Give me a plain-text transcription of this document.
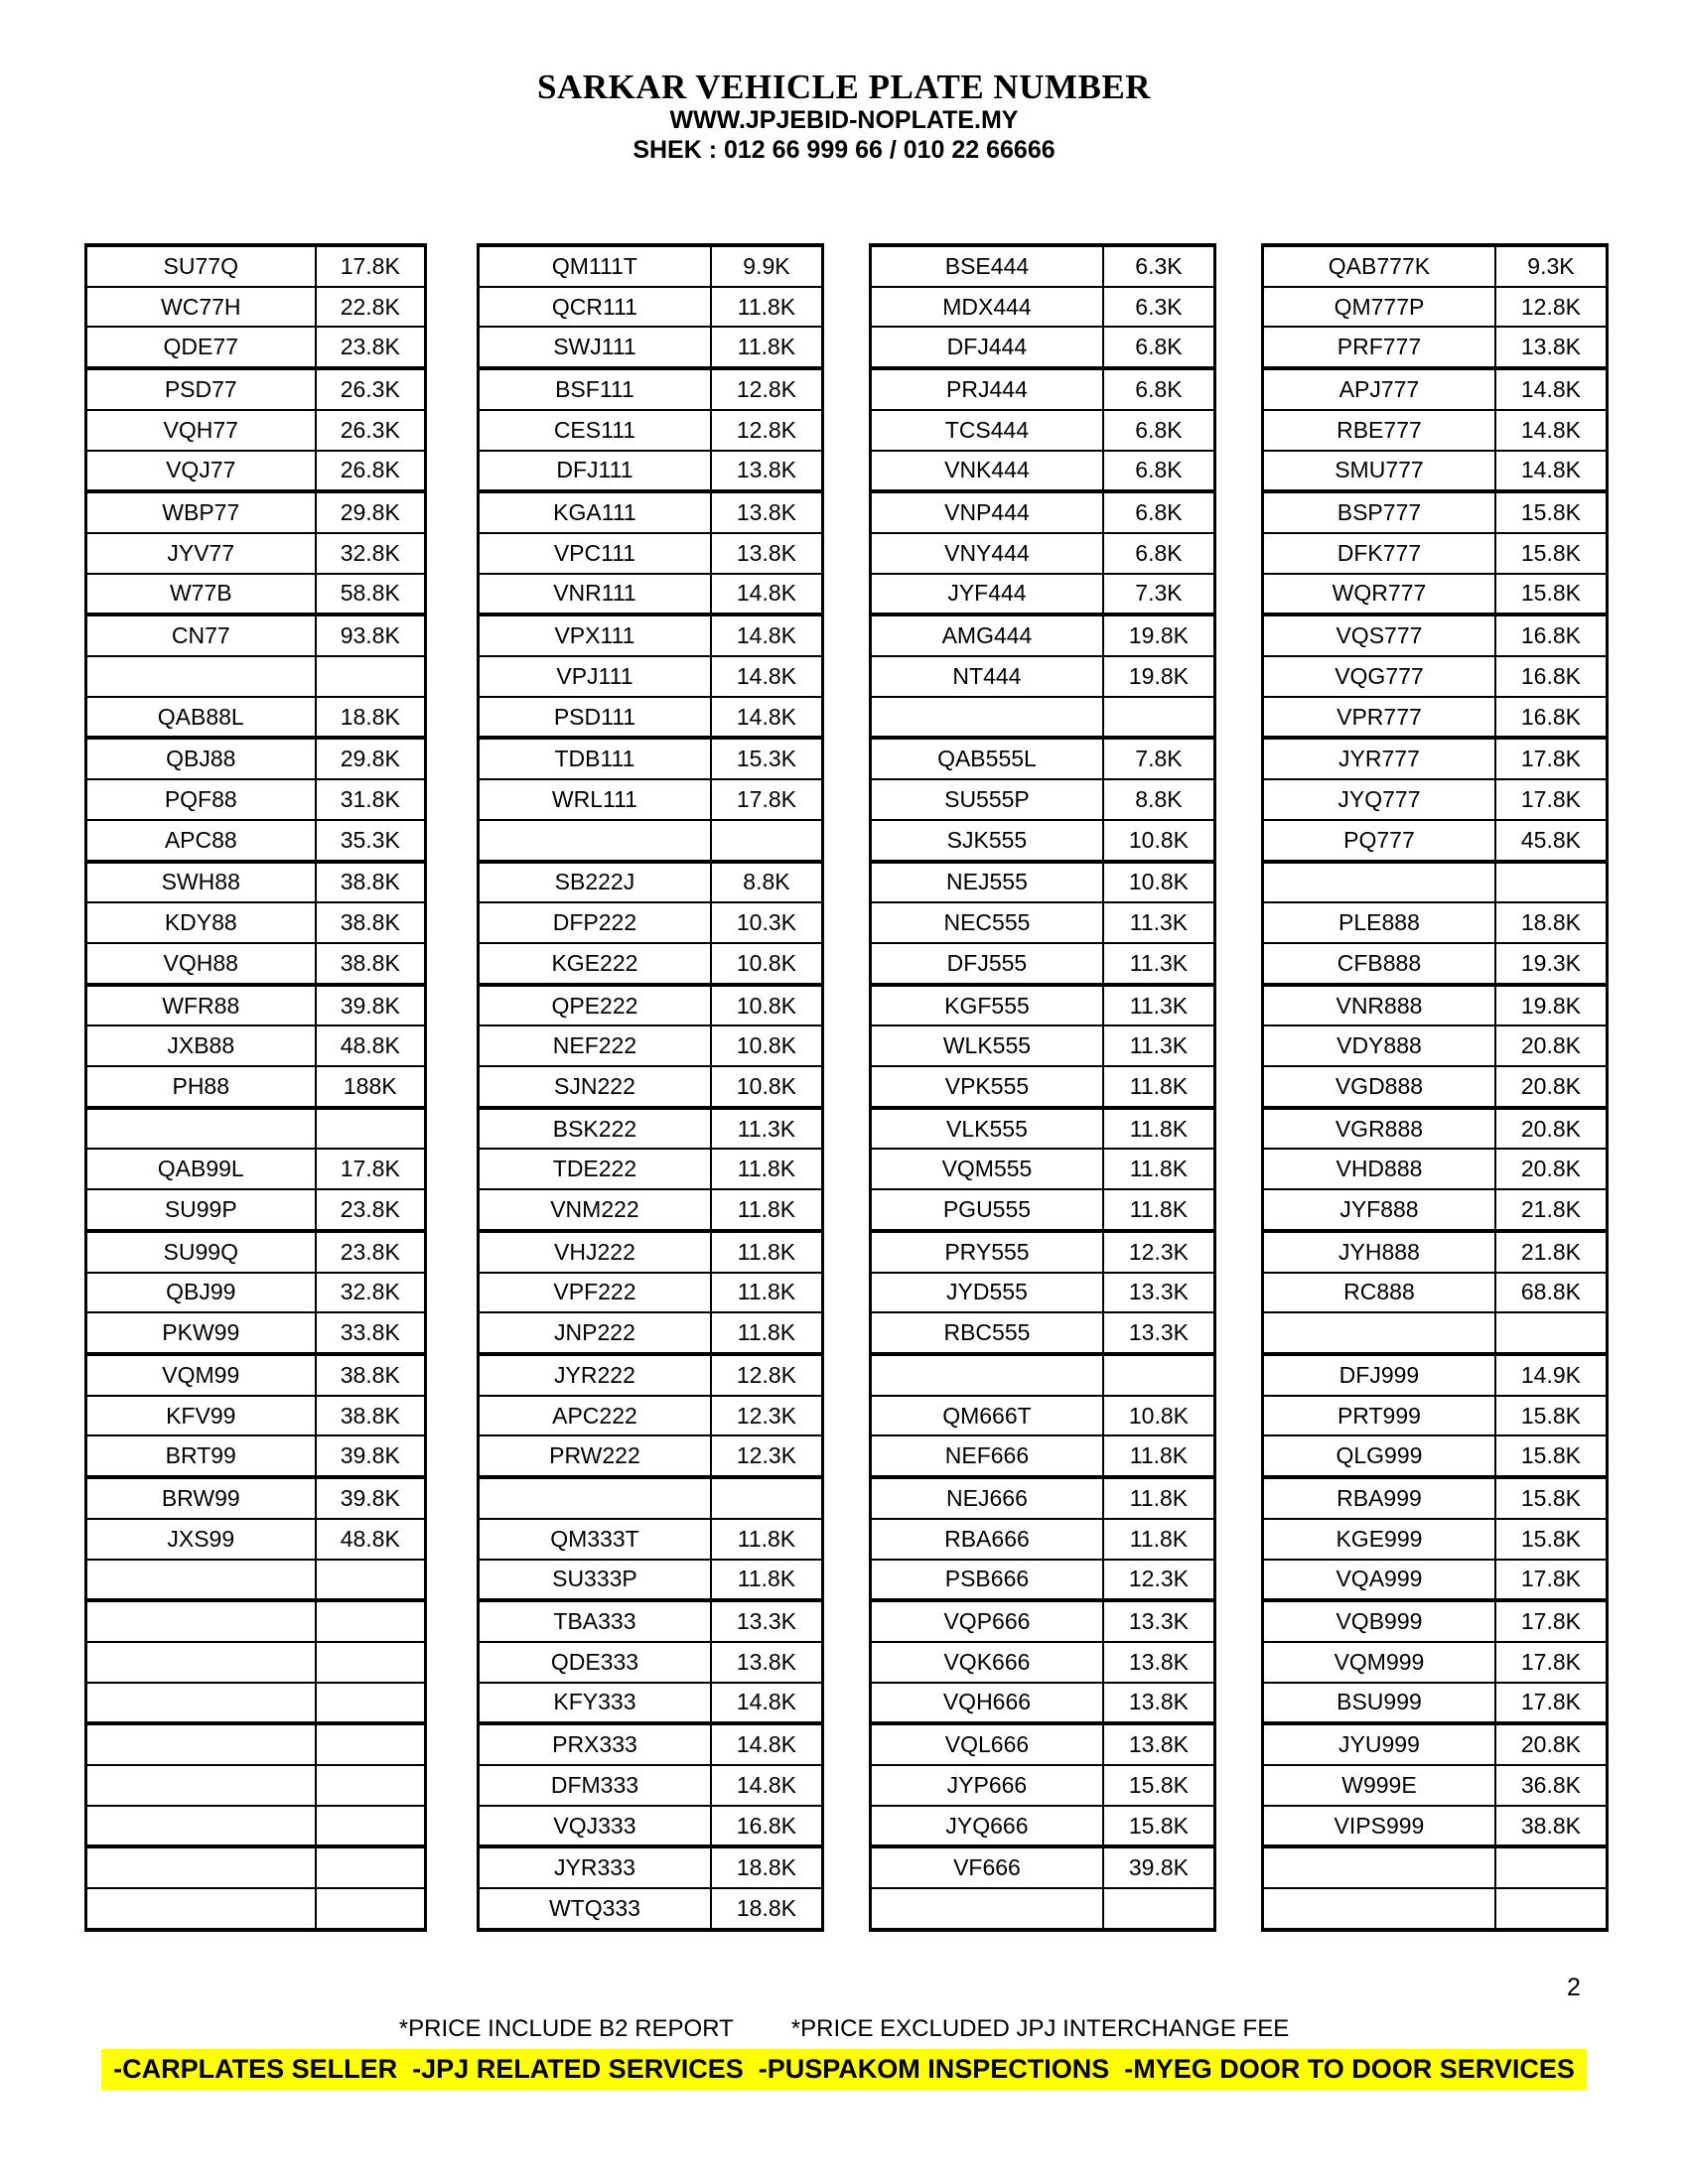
SARKAR VEHICLE PLATE NUMBER
WWW.JPJEBID-NOPLATE.MY
SHEK : 012 66 999 66 / 010 22 66666
SU77Q	17.8K
WC77H	22.8K
QDE77	23.8K
PSD77	26.3K
VQH77	26.3K
VQJ77	26.8K
WBP77	29.8K
JYV77	32.8K
W77B	58.8K
CN77	93.8K
QAB88L	18.8K
QBJ88	29.8K
PQF88	31.8K
APC88	35.3K
SWH88	38.8K
KDY88	38.8K
VQH88	38.8K
WFR88	39.8K
JXB88	48.8K
PH88	188K
QAB99L	17.8K
SU99P	23.8K
SU99Q	23.8K
QBJ99	32.8K
PKW99	33.8K
VQM99	38.8K
KFV99	38.8K
BRT99	39.8K
BRW99	39.8K
JXS99	48.8K
QM111T	9.9K
QCR111	11.8K
SWJ111	11.8K
BSF111	12.8K
CES111	12.8K
DFJ111	13.8K
KGA111	13.8K
VPC111	13.8K
VNR111	14.8K
VPX111	14.8K
VPJ111	14.8K
PSD111	14.8K
TDB111	15.3K
WRL111	17.8K
SB222J	8.8K
DFP222	10.3K
KGE222	10.8K
QPE222	10.8K
NEF222	10.8K
SJN222	10.8K
BSK222	11.3K
TDE222	11.8K
VNM222	11.8K
VHJ222	11.8K
VPF222	11.8K
JNP222	11.8K
JYR222	12.8K
APC222	12.3K
PRW222	12.3K
QM333T	11.8K
SU333P	11.8K
TBA333	13.3K
QDE333	13.8K
KFY333	14.8K
PRX333	14.8K
DFM333	14.8K
VQJ333	16.8K
JYR333	18.8K
WTQ333	18.8K
BSE444	6.3K
MDX444	6.3K
DFJ444	6.8K
PRJ444	6.8K
TCS444	6.8K
VNK444	6.8K
VNP444	6.8K
VNY444	6.8K
JYF444	7.3K
AMG444	19.8K
NT444	19.8K
QAB555L	7.8K
SU555P	8.8K
SJK555	10.8K
NEJ555	10.8K
NEC555	11.3K
DFJ555	11.3K
KGF555	11.3K
WLK555	11.3K
VPK555	11.8K
VLK555	11.8K
VQM555	11.8K
PGU555	11.8K
PRY555	12.3K
JYD555	13.3K
RBC555	13.3K
QM666T	10.8K
NEF666	11.8K
NEJ666	11.8K
RBA666	11.8K
PSB666	12.3K
VQP666	13.3K
VQK666	13.8K
VQH666	13.8K
VQL666	13.8K
JYP666	15.8K
JYQ666	15.8K
VF666	39.8K
QAB777K	9.3K
QM777P	12.8K
PRF777	13.8K
APJ777	14.8K
RBE777	14.8K
SMU777	14.8K
BSP777	15.8K
DFK777	15.8K
WQR777	15.8K
VQS777	16.8K
VQG777	16.8K
VPR777	16.8K
JYR777	17.8K
JYQ777	17.8K
PQ777	45.8K
PLE888	18.8K
CFB888	19.3K
VNR888	19.8K
VDY888	20.8K
VGD888	20.8K
VGR888	20.8K
VHD888	20.8K
JYF888	21.8K
JYH888	21.8K
RC888	68.8K
DFJ999	14.9K
PRT999	15.8K
QLG999	15.8K
RBA999	15.8K
KGE999	15.8K
VQA999	17.8K
VQB999	17.8K
VQM999	17.8K
BSU999	17.8K
JYU999	20.8K
W999E	36.8K
VIPS999	38.8K
2
*PRICE INCLUDE B2 REPORT *PRICE EXCLUDED JPJ INTERCHANGE FEE
-CARPLATES SELLER  -JPJ RELATED SERVICES  -PUSPAKOM INSPECTIONS  -MYEG DOOR TO DOOR SERVICES
